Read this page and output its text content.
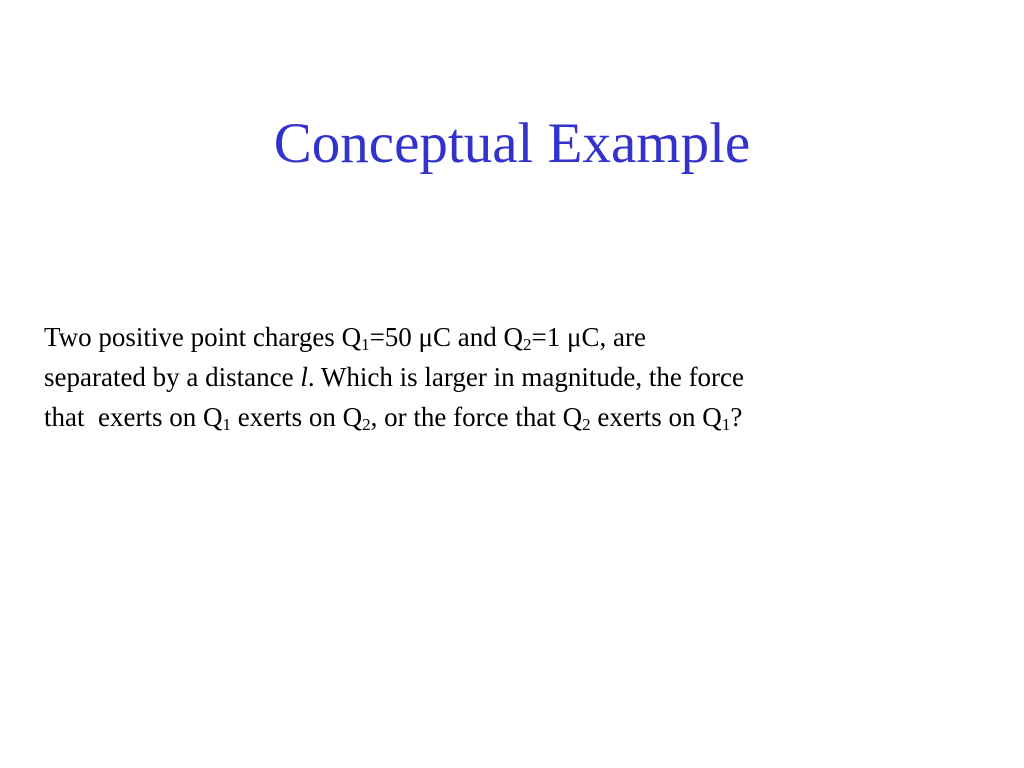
Conceptual Example
Two positive point charges $Q_1=50$ μC and $Q_2=1$ μC, are
separated by a distance l. Which is larger in magnitude, the force
that  exerts on $Q_1$ exerts on $Q_2$, or the force that $Q_2$ exerts on $Q_1$?
